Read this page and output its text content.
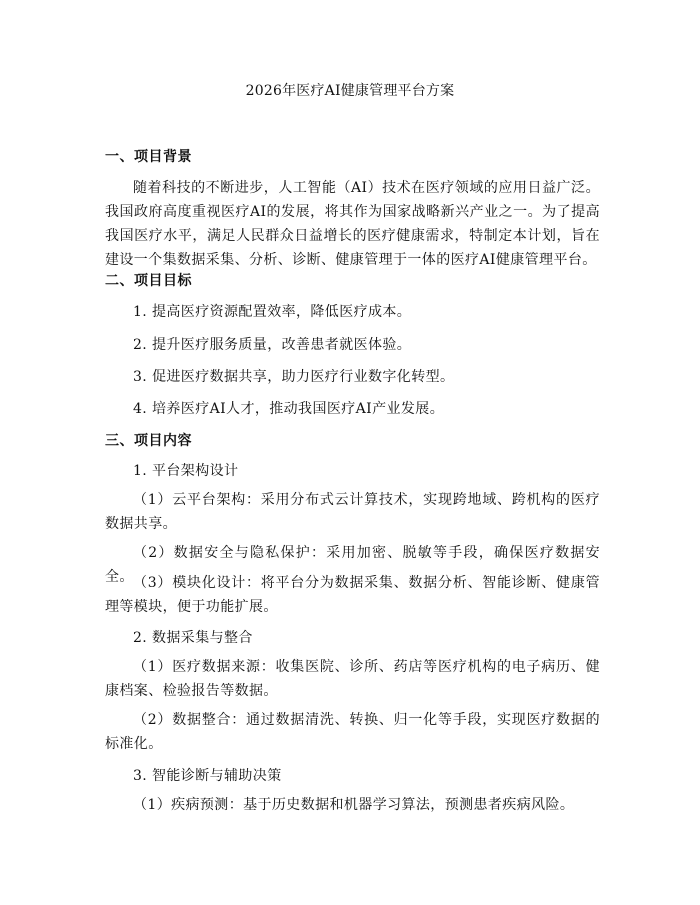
2026年医疗AI健康管理平台方案
一、项目背景
随着科技的不断进步，人工智能（AI）技术在医疗领域的应用日益广泛。我国政府高度重视医疗AI的发展，将其作为国家战略新兴产业之一。为了提高我国医疗水平，满足人民群众日益增长的医疗健康需求，特制定本计划，旨在建设一个集数据采集、分析、诊断、健康管理于一体的医疗AI健康管理平台。
二、项目目标
1. 提高医疗资源配置效率，降低医疗成本。
2. 提升医疗服务质量，改善患者就医体验。
3. 促进医疗数据共享，助力医疗行业数字化转型。
4. 培养医疗AI人才，推动我国医疗AI产业发展。
三、项目内容
1. 平台架构设计
（1）云平台架构：采用分布式云计算技术，实现跨地域、跨机构的医疗数据共享。
（2）数据安全与隐私保护：采用加密、脱敏等手段，确保医疗数据安全。 （3）模块化设计：将平台分为数据采集、数据分析、智能诊断、健康管理等模块，便于功能扩展。
2. 数据采集与整合
（1）医疗数据来源：收集医院、诊所、药店等医疗机构的电子病历、健康档案、检验报告等数据。
（2）数据整合：通过数据清洗、转换、归一化等手段，实现医疗数据的标准化。
3. 智能诊断与辅助决策
（1）疾病预测：基于历史数据和机器学习算法，预测患者疾病风险。
